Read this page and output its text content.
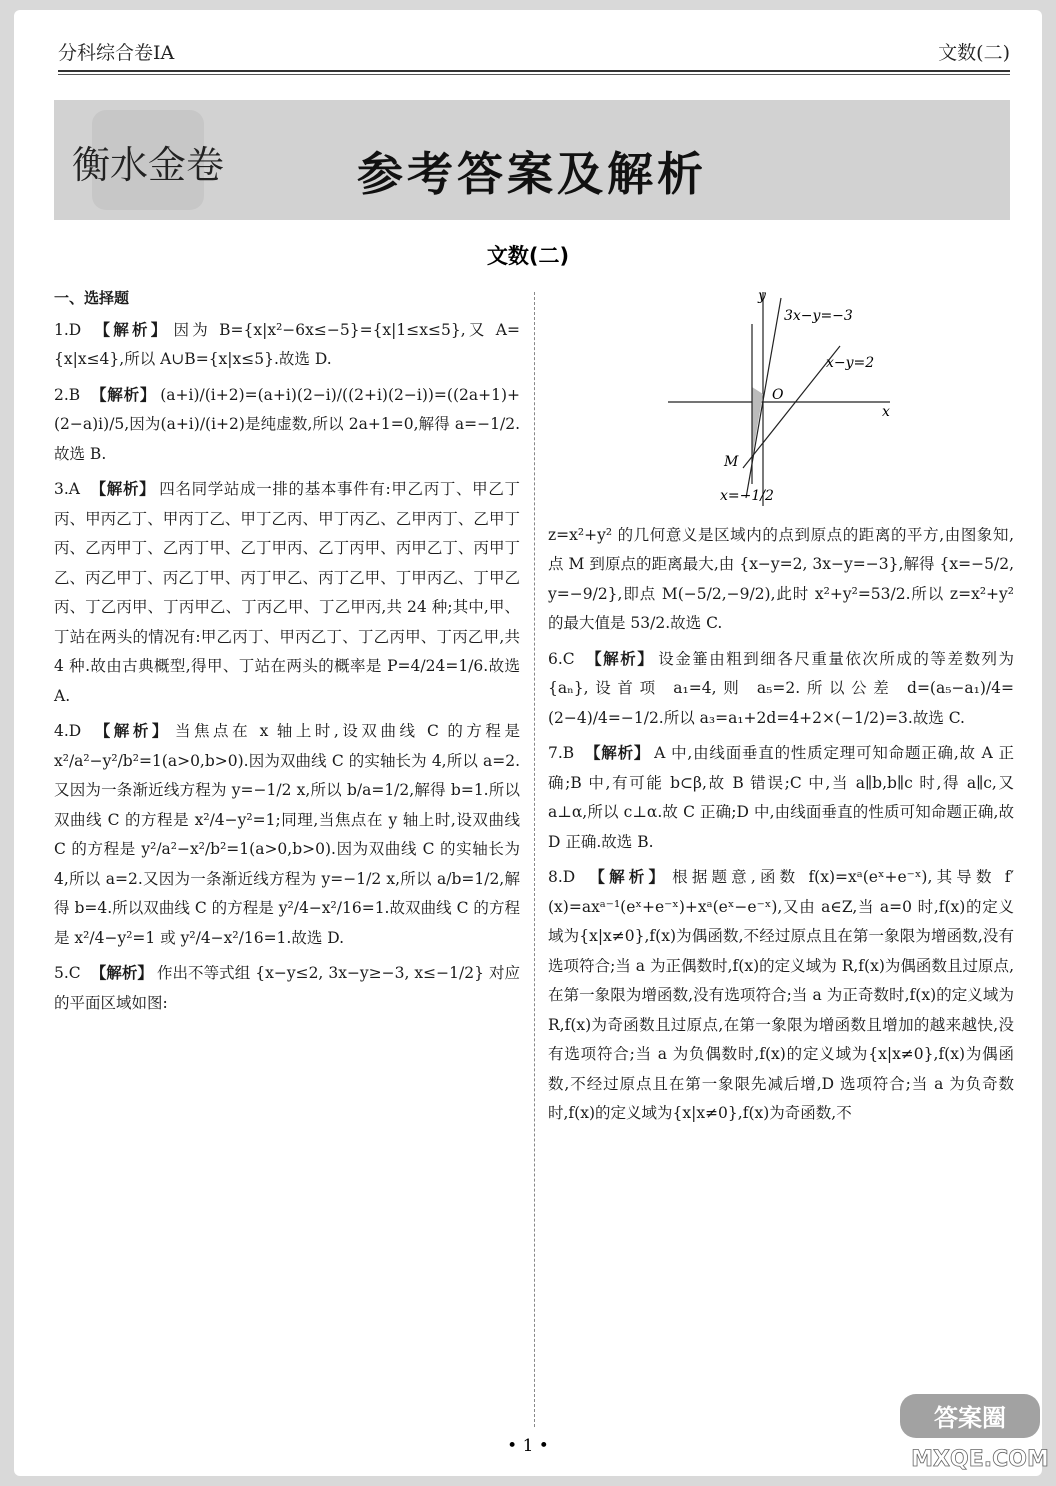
分科综合卷ⅠA	文数(二)
衡水金卷	参考答案及解析
文数(二)
一、选择题
1.D 【解析】 因为 B={x|x²−6x≤−5}={x|1≤x≤5},又 A={x|x≤4},所以 A∪B={x|x≤5}.故选 D.
2.B 【解析】 (a+i)/(i+2)=(a+i)(2−i)/((2+i)(2−i))=((2a+1)+(2−a)i)/5,因为(a+i)/(i+2)是纯虚数,所以 2a+1=0,解得 a=−1/2.故选 B.
3.A 【解析】 四名同学站成一排的基本事件有:甲乙丙丁、甲乙丁丙、甲丙乙丁、甲丙丁乙、甲丁乙丙、甲丁丙乙、乙甲丙丁、乙甲丁丙、乙丙甲丁、乙丙丁甲、乙丁甲丙、乙丁丙甲、丙甲乙丁、丙甲丁乙、丙乙甲丁、丙乙丁甲、丙丁甲乙、丙丁乙甲、丁甲丙乙、丁甲乙丙、丁乙丙甲、丁丙甲乙、丁丙乙甲、丁乙甲丙,共 24 种;其中,甲、丁站在两头的情况有:甲乙丙丁、甲丙乙丁、丁乙丙甲、丁丙乙甲,共 4 种.故由古典概型,得甲、丁站在两头的概率是 P=4/24=1/6.故选 A.
4.D 【解析】 当焦点在 x 轴上时,设双曲线 C 的方程是 x²/a²−y²/b²=1(a>0,b>0).因为双曲线 C 的实轴长为 4,所以 a=2.又因为一条渐近线方程为 y=−1/2 x,所以 b/a=1/2,解得 b=1.所以双曲线 C 的方程是 x²/4−y²=1;同理,当焦点在 y 轴上时,设双曲线 C 的方程是 y²/a²−x²/b²=1(a>0,b>0).因为双曲线 C 的实轴长为 4,所以 a=2.又因为一条渐近线方程为 y=−1/2 x,所以 a/b=1/2,解得 b=4.所以双曲线 C 的方程是 y²/4−x²/16=1.故双曲线 C 的方程是 x²/4−y²=1 或 y²/4−x²/16=1.故选 D.
5.C 【解析】 作出不等式组 {x−y≤2, 3x−y≥−3, x≤−1/2} 对应的平面区域如图:
x
y
O
3x−y=−3
x−y=2
M
x=−1/2
z=x²+y² 的几何意义是区域内的点到原点的距离的平方,由图象知,点 M 到原点的距离最大,由 {x−y=2, 3x−y=−3},解得 {x=−5/2, y=−9/2},即点 M(−5/2,−9/2),此时 x²+y²=53/2.所以 z=x²+y² 的最大值是 53/2.故选 C.
6.C 【解析】 设金箠由粗到细各尺重量依次所成的等差数列为{aₙ},设首项 a₁=4,则 a₅=2.所以公差 d=(a₅−a₁)/4=(2−4)/4=−1/2.所以 a₃=a₁+2d=4+2×(−1/2)=3.故选 C.
7.B 【解析】 A 中,由线面垂直的性质定理可知命题正确,故 A 正确;B 中,有可能 b⊂β,故 B 错误;C 中,当 a∥b,b∥c 时,得 a∥c,又 a⊥α,所以 c⊥α.故 C 正确;D 中,由线面垂直的性质可知命题正确,故 D 正确.故选 B.
8.D 【解析】 根据题意,函数 f(x)=xᵃ(eˣ+e⁻ˣ),其导数 f′(x)=axᵃ⁻¹(eˣ+e⁻ˣ)+xᵃ(eˣ−e⁻ˣ),又由 a∈Z,当 a=0 时,f(x)的定义域为{x|x≠0},f(x)为偶函数,不经过原点且在第一象限为增函数,没有选项符合;当 a 为正偶数时,f(x)的定义域为 R,f(x)为偶函数且过原点,在第一象限为增函数,没有选项符合;当 a 为正奇数时,f(x)的定义域为 R,f(x)为奇函数且过原点,在第一象限为增函数且增加的越来越快,没有选项符合;当 a 为负偶数时,f(x)的定义域为{x|x≠0},f(x)为偶函数,不经过原点且在第一象限先减后增,D 选项符合;当 a 为负奇数时,f(x)的定义域为{x|x≠0},f(x)为奇函数,不
• 1 •
答案圈
MXQE.COM
